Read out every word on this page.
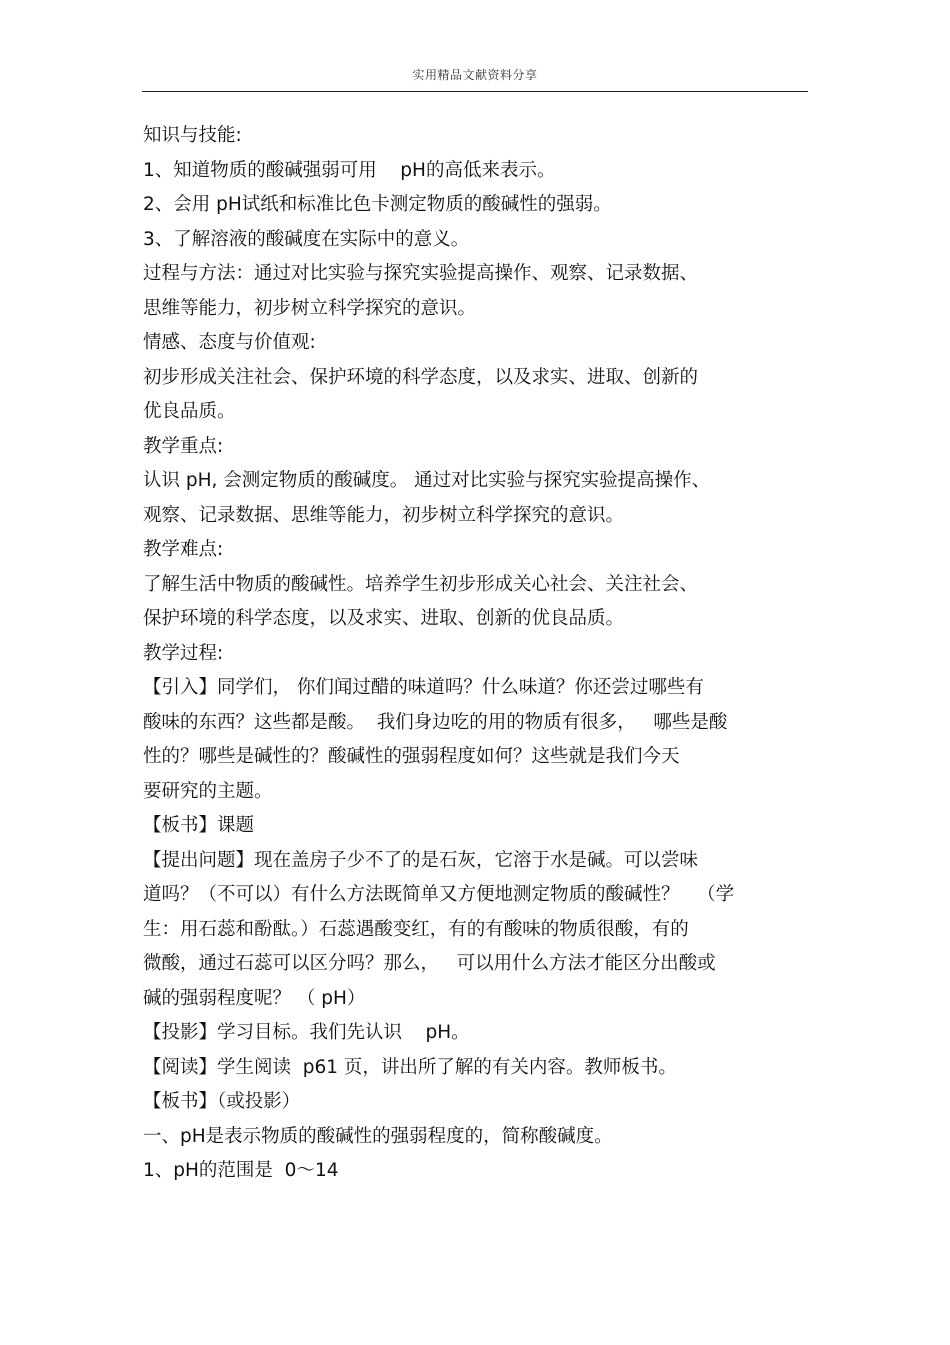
实用精品文献资料分享
知识与技能:
1、知道物质的酸碱强弱可用    pH的高低来表示。
2、会用 pH试纸和标准比色卡测定物质的酸碱性的强弱。
3、了解溶液的酸碱度在实际中的意义。
过程与方法：通过对比实验与探究实验提高操作、观察、记录数据、
思维等能力，初步树立科学探究的意识。
情感、态度与价值观:
初步形成关注社会、保护环境的科学态度，以及求实、进取、创新的
优良品质。
教学重点:
认识 pH, 会测定物质的酸碱度。 通过对比实验与探究实验提高操作、
观察、记录数据、思维等能力，初步树立科学探究的意识。
教学难点:
了解生活中物质的酸碱性。培养学生初步形成关心社会、关注社会、
保护环境的科学态度，以及求实、进取、创新的优良品质。
教学过程:
【引入】同学们， 你们闻过醋的味道吗？什么味道？你还尝过哪些有
酸味的东西？这些都是酸。  我们身边吃的用的物质有很多，   哪些是酸
性的？哪些是碱性的？酸碱性的强弱程度如何？这些就是我们今天
要研究的主题。
【板书】课题
【提出问题】现在盖房子少不了的是石灰，它溶于水是碱。可以尝味
道吗？（不可以）有什么方法既简单又方便地测定物质的酸碱性？   （学
生：用石蕊和酚酞。）石蕊遇酸变红，有的有酸味的物质很酸，有的
微酸，通过石蕊可以区分吗？那么，   可以用什么方法才能区分出酸或
碱的强弱程度呢？ （ pH）
【投影】学习目标。我们先认识    pH。
【阅读】学生阅读  p61 页，讲出所了解的有关内容。教师板书。
【板书】（或投影）
一、pH是表示物质的酸碱性的强弱程度的，简称酸碱度。
1、pH的范围是  0～14
